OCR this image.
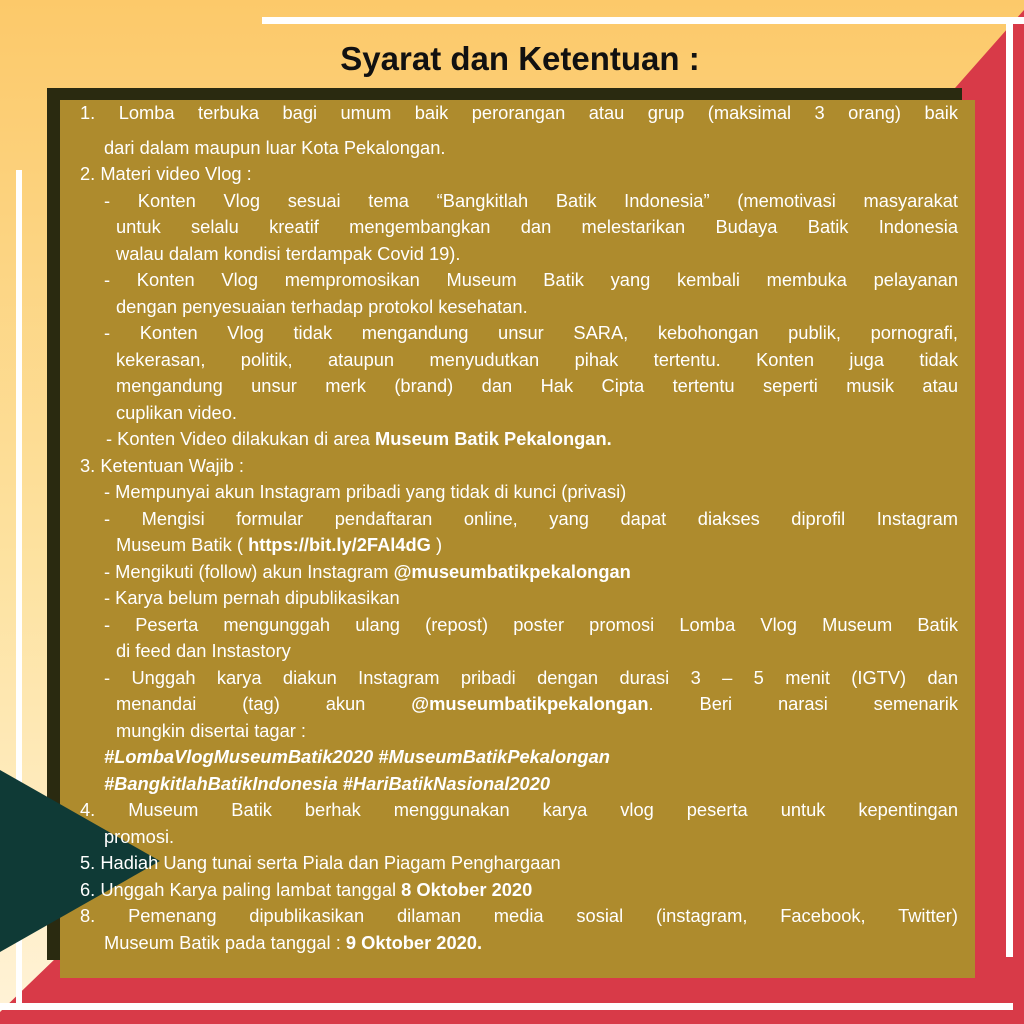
Syarat dan Ketentuan :
1. Lomba terbuka bagi umum baik perorangan atau grup (maksimal 3 orang) baik
dari dalam maupun luar Kota Pekalongan.
2. Materi video Vlog :
- Konten Vlog sesuai tema “Bangkitlah Batik Indonesia” (memotivasi masyarakat
untuk selalu kreatif mengembangkan dan melestarikan Budaya Batik Indonesia
walau dalam kondisi terdampak Covid 19).
- Konten Vlog mempromosikan Museum Batik yang kembali membuka pelayanan
dengan penyesuaian terhadap protokol kesehatan.
- Konten Vlog tidak mengandung unsur SARA, kebohongan publik, pornografi,
kekerasan, politik, ataupun menyudutkan pihak tertentu. Konten juga tidak
mengandung unsur merk (brand) dan Hak Cipta tertentu seperti musik atau
cuplikan video.
- Konten Video dilakukan di area Museum Batik Pekalongan.
3. Ketentuan Wajib :
- Mempunyai akun Instagram pribadi yang tidak di kunci (privasi)
- Mengisi formular pendaftaran online, yang dapat diakses diprofil Instagram
Museum Batik ( https://bit.ly/2FAl4dG )
- Mengikuti (follow) akun Instagram @museumbatikpekalongan
- Karya belum pernah dipublikasikan
- Peserta mengunggah ulang (repost) poster promosi Lomba Vlog Museum Batik
di feed dan Instastory
- Unggah karya diakun Instagram pribadi dengan durasi 3 – 5 menit (IGTV) dan
menandai (tag) akun @museumbatikpekalongan. Beri narasi semenarik
mungkin disertai tagar :
#LombaVlogMuseumBatik2020 #MuseumBatikPekalongan
#BangkitlahBatikIndonesia #HariBatikNasional2020
4. Museum Batik berhak menggunakan karya vlog peserta untuk kepentingan
promosi.
5. Hadiah Uang tunai serta Piala dan Piagam Penghargaan
6. Unggah Karya paling lambat tanggal 8 Oktober 2020
8. Pemenang dipublikasikan dilaman media sosial (instagram, Facebook, Twitter)
Museum Batik pada tanggal : 9 Oktober 2020.
